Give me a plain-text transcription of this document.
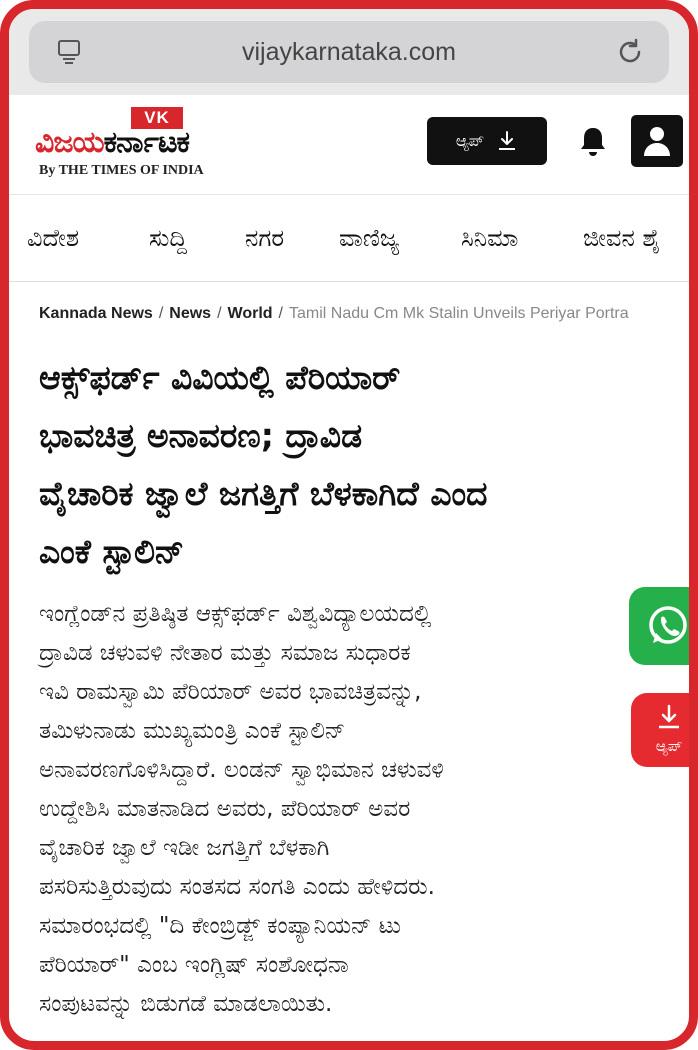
vijaykarnataka.com
VK
ವಿಜಯಕರ್ನಾಟಕ
By THE TIMES OF INDIA
ಆ್ಯಪ್
ವಿದೇಶ	ಸುದ್ದಿ ನಗರ ವಾಣಿಜ್ಯ	ಸಿನಿಮಾ	ಜೀವನ ಶೈ
Kannada News / News / World / Tamil Nadu Cm Mk Stalin Unveils Periyar Portra
ಆಕ್ಸ್‌ಫರ್ಡ್‌ ವಿವಿಯಲ್ಲಿ ಪೆರಿಯಾರ್
ಭಾವಚಿತ್ರ ಅನಾವರಣ; ದ್ರಾವಿಡ
ವೈಚಾರಿಕ ಜ್ವಾಲೆ ಜಗತ್ತಿಗೆ ಬೆಳಕಾಗಿದೆ ಎಂದ
ಎಂಕೆ ಸ್ಟಾಲಿನ್
ಇಂಗ್ಲೆಂಡ್‌ನ ಪ್ರತಿಷ್ಠಿತ ಆಕ್ಸ್‌ಫರ್ಡ್‌ ವಿಶ್ವವಿದ್ಯಾಲಯದಲ್ಲಿ
ದ್ರಾವಿಡ ಚಳುವಳಿ ನೇತಾರ ಮತ್ತು ಸಮಾಜ ಸುಧಾರಕ
ಇವಿ ರಾಮಸ್ವಾಮಿ ಪೆರಿಯಾರ್‌ ಅವರ ಭಾವಚಿತ್ರವನ್ನು,
ತಮಿಳುನಾಡು ಮುಖ್ಯಮಂತ್ರಿ ಎಂಕೆ ಸ್ಟಾಲಿನ್
ಅನಾವರಣಗೊಳಿಸಿದ್ದಾರೆ. ಲಂಡನ್‌ ಸ್ವಾಭಿಮಾನ ಚಳುವಳಿ
ಉದ್ದೇಶಿಸಿ ಮಾತನಾಡಿದ ಅವರು, ಪೆರಿಯಾರ್‌ ಅವರ
ವೈಚಾರಿಕ ಜ್ವಾಲೆ ಇಡೀ ಜಗತ್ತಿಗೆ ಬೆಳಕಾಗಿ
ಪಸರಿಸುತ್ತಿರುವುದು ಸಂತಸದ ಸಂಗತಿ ಎಂದು ಹೇಳಿದರು.
ಸಮಾರಂಭದಲ್ಲಿ "ದಿ ಕೇಂಬ್ರಿಡ್ಜ್‌ ಕಂಪ್ಯಾನಿಯನ್‌ ಟು
ಪೆರಿಯಾರ್" ಎಂಬ ಇಂಗ್ಲಿಷ್‌ ಸಂಶೋಧನಾ
ಸಂಪುಟವನ್ನು ಬಿಡುಗಡೆ ಮಾಡಲಾಯಿತು.
ಆ್ಯಪ್
